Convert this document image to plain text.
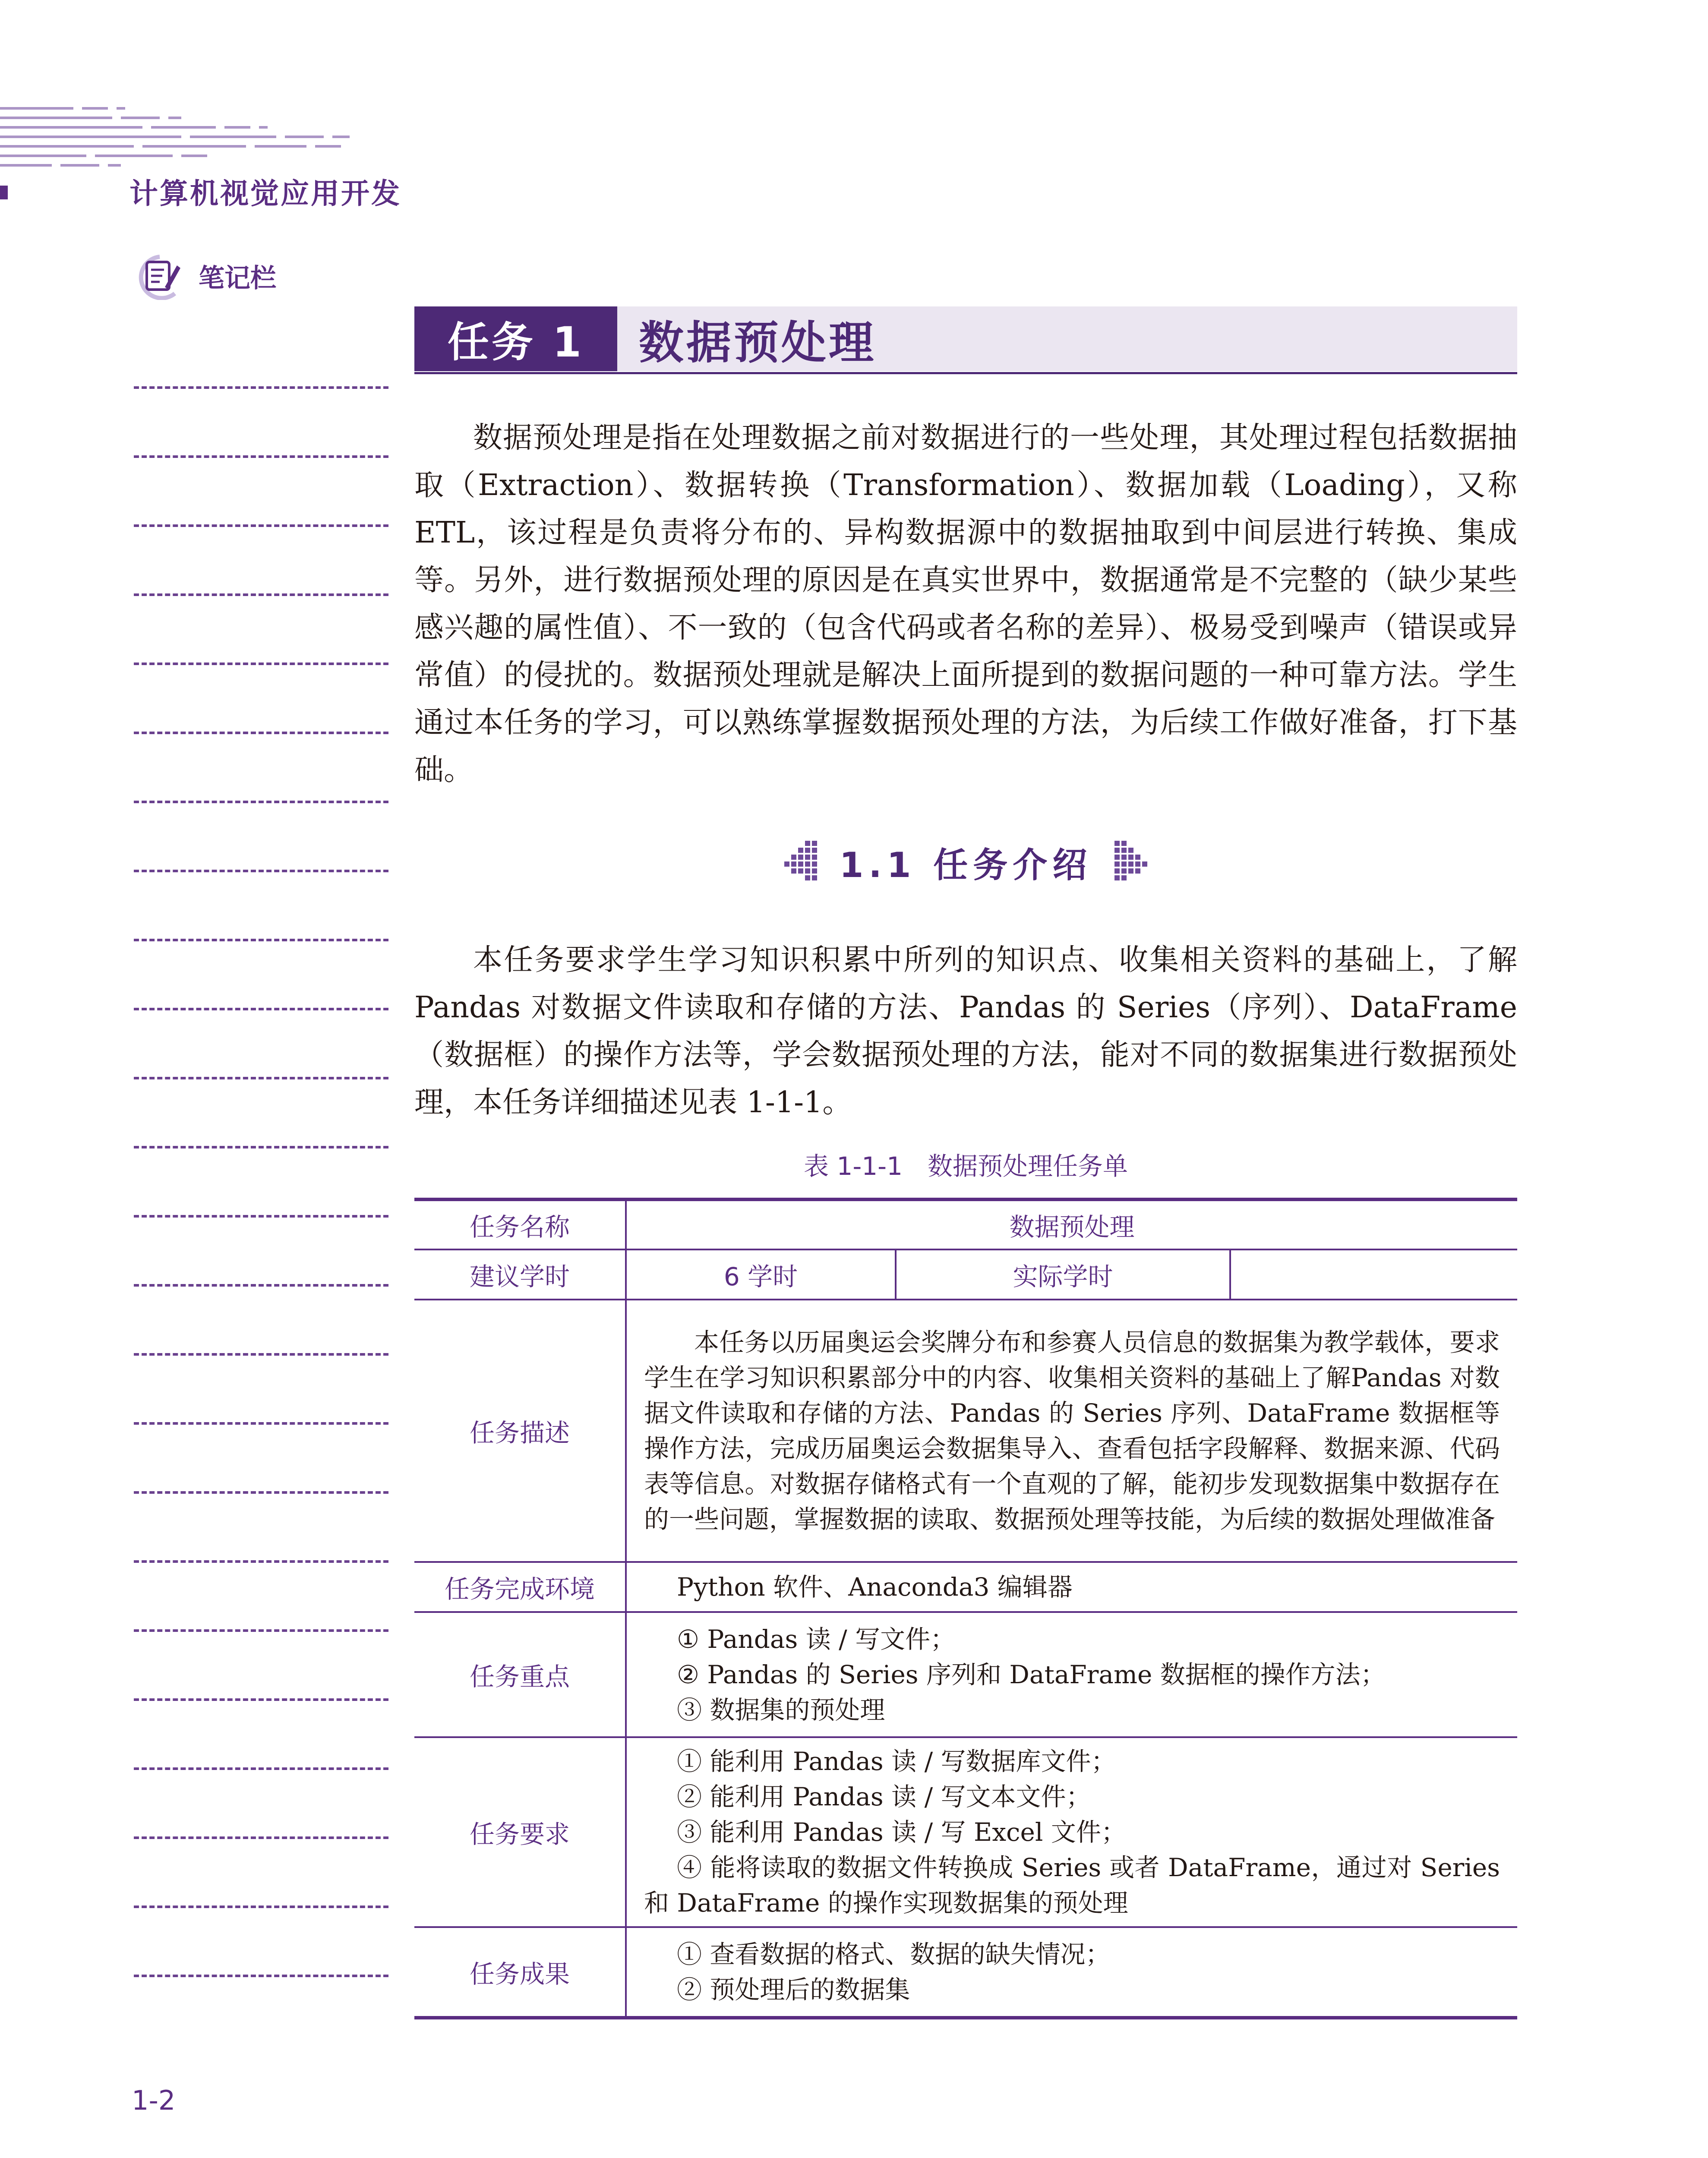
计算机视觉应用开发
笔记栏
任务 1	数据预处理

数据预处理是指在处理数据之前对数据进行的一些处理，其处理过程包括数据抽取（Extraction）、数据转换（Transformation）、数据加载（Loading），又称ETL，该过程是负责将分布的、异构数据源中的数据抽取到中间层进行转换、集成等。另外，进行数据预处理的原因是在真实世界中，数据通常是不完整的（缺少某些感兴趣的属性值）、不一致的（包含代码或者名称的差异）、极易受到噪声（错误或异常值）的侵扰的。数据预处理就是解决上面所提到的数据问题的一种可靠方法。学生通过本任务的学习，可以熟练掌握数据预处理的方法，为后续工作做好准备，打下基础。

1.1 任务介绍

本任务要求学生学习知识积累中所列的知识点、收集相关资料的基础上，了解Pandas 对数据文件读取和存储的方法、Pandas 的 Series（序列）、DataFrame（数据框）的操作方法等，学会数据预处理的方法，能对不同的数据集进行数据预处理，本任务详细描述见表 1-1-1。

表 1-1-1　数据预处理任务单
任务名称	数据预处理		
建议学时	6 学时	实际学时	
任务描述	本任务以历届奥运会奖牌分布和参赛人员信息的数据集为教学载体，要求学生在学习知识积累部分中的内容、收集相关资料的基础上了解Pandas 对数据文件读取和存储的方法、Pandas 的 Series 序列、DataFrame 数据框等操作方法，完成历届奥运会数据集导入、查看包括字段解释、数据来源、代码表等信息。对数据存储格式有一个直观的了解，能初步发现数据集中数据存在的一些问题，掌握数据的读取、数据预处理等技能，为后续的数据处理做准备		

任务完成环境	Python 软件、Anaconda3 编辑器		
任务重点	① Pandas 读 / 写文件；
② Pandas 的 Series 序列和 DataFrame 数据框的操作方法；
③ 数据集的预处理		

任务要求	① 能利用 Pandas 读 / 写数据库文件；
② 能利用 Pandas 读 / 写文本文件；
③ 能利用 Pandas 读 / 写 Excel 文件；
④ 能将读取的数据文件转换成 Series 或者 DataFrame，通过对 Series 和 DataFrame 的操作实现数据集的预处理		

任务成果	① 查看数据的格式、数据的缺失情况；
② 预处理后的数据集		
1-2
